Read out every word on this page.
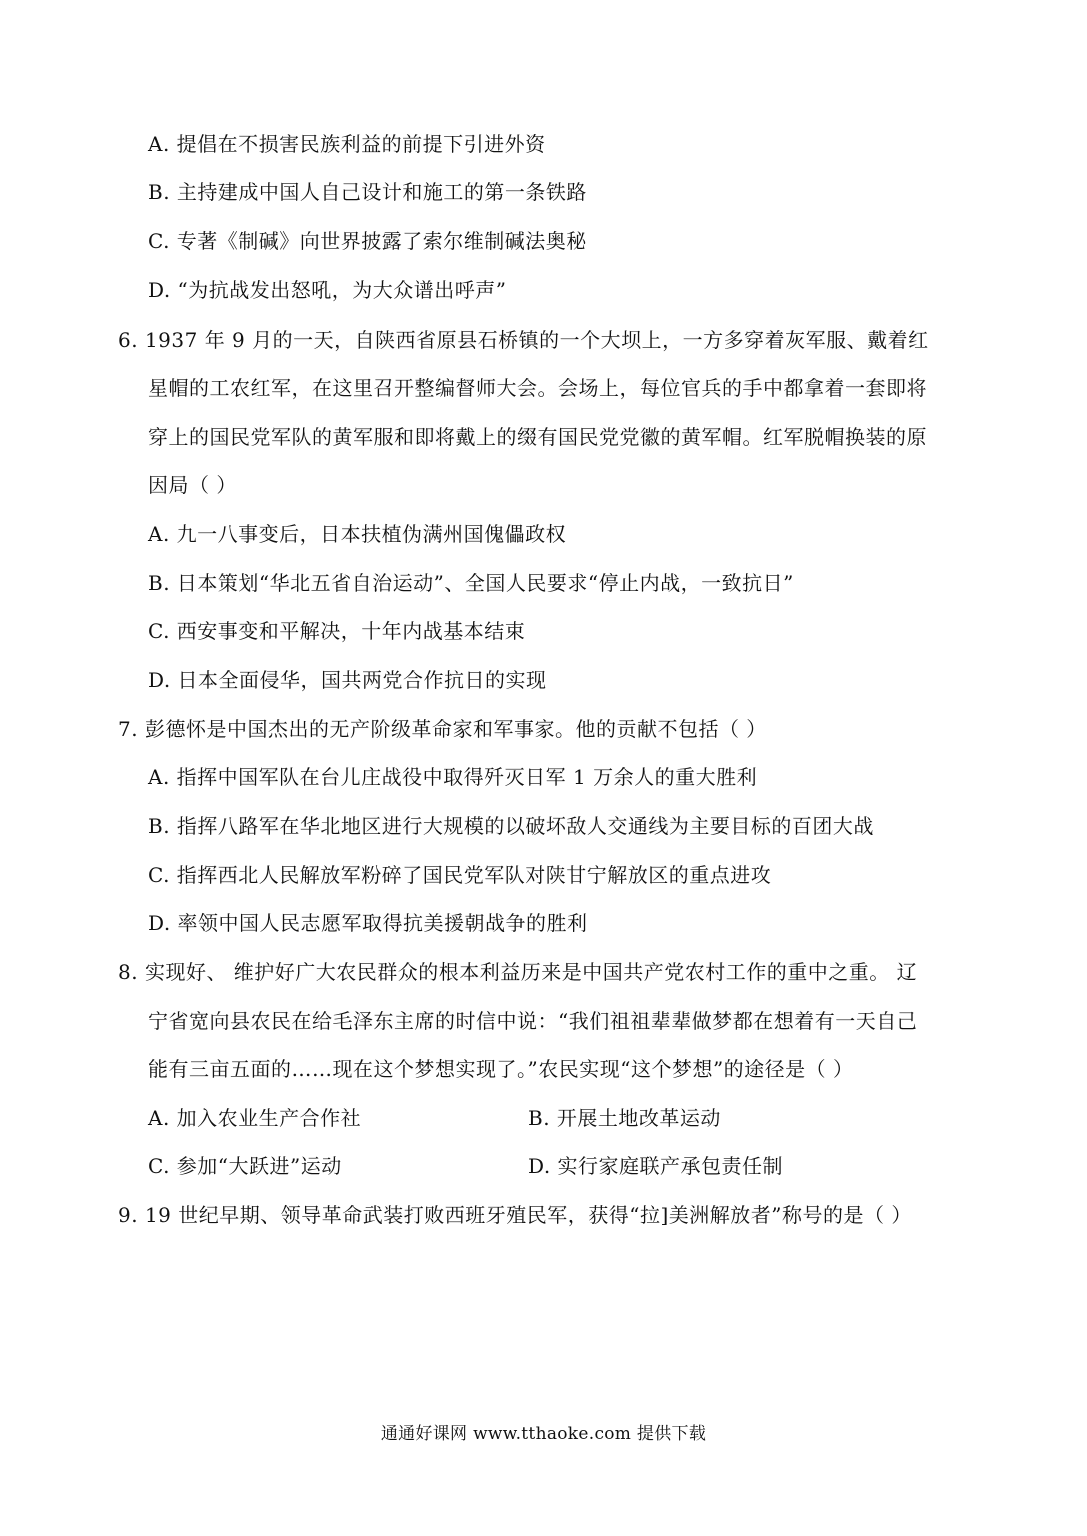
A. 提倡在不损害民族利益的前提下引进外资
B. 主持建成中国人自己设计和施工的第一条铁路
C. 专著《制碱》向世界披露了索尔维制碱法奥秘
D. “为抗战发出怒吼，为大众谱出呼声”
6. 1937 年 9 月的一天，自陕西省原县石桥镇的一个大坝上，一方多穿着灰军服、戴着红
星帽的工农红军，在这里召开整编督师大会。会场上，每位官兵的手中都拿着一套即将
穿上的国民党军队的黄军服和即将戴上的缀有国民党党徽的黄军帽。红军脱帽换装的原
因局（ ）
A. 九一八事变后，日本扶植伪满州国傀儡政权
B. 日本策划“华北五省自治运动”、全国人民要求“停止内战，一致抗日”
C. 西安事变和平解决，十年内战基本结束
D. 日本全面侵华，国共两党合作抗日的实现
7. 彭德怀是中国杰出的无产阶级革命家和军事家。他的贡献不包括（ ）
A. 指挥中国军队在台儿庄战役中取得歼灭日军 1 万余人的重大胜利
B. 指挥八路军在华北地区进行大规模的以破坏敌人交通线为主要目标的百团大战
C. 指挥西北人民解放军粉碎了国民党军队对陕甘宁解放区的重点进攻
D. 率领中国人民志愿军取得抗美援朝战争的胜利
8. 实现好、 维护好广大农民群众的根本利益历来是中国共产党农村工作的重中之重。 辽
宁省宽向县农民在给毛泽东主席的时信中说：“我们祖祖辈辈做梦都在想着有一天自己
能有三亩五面的……现在这个梦想实现了。”农民实现“这个梦想”的途径是（ ）
A. 加入农业生产合作社	B. 开展土地改革运动
C. 参加“大跃进”运动	D. 实行家庭联产承包责任制
9. 19 世纪早期、领导革命武装打败西班牙殖民军，获得“拉]美洲解放者”称号的是（ ）
通通好课网 www.tthaoke.com 提供下载
